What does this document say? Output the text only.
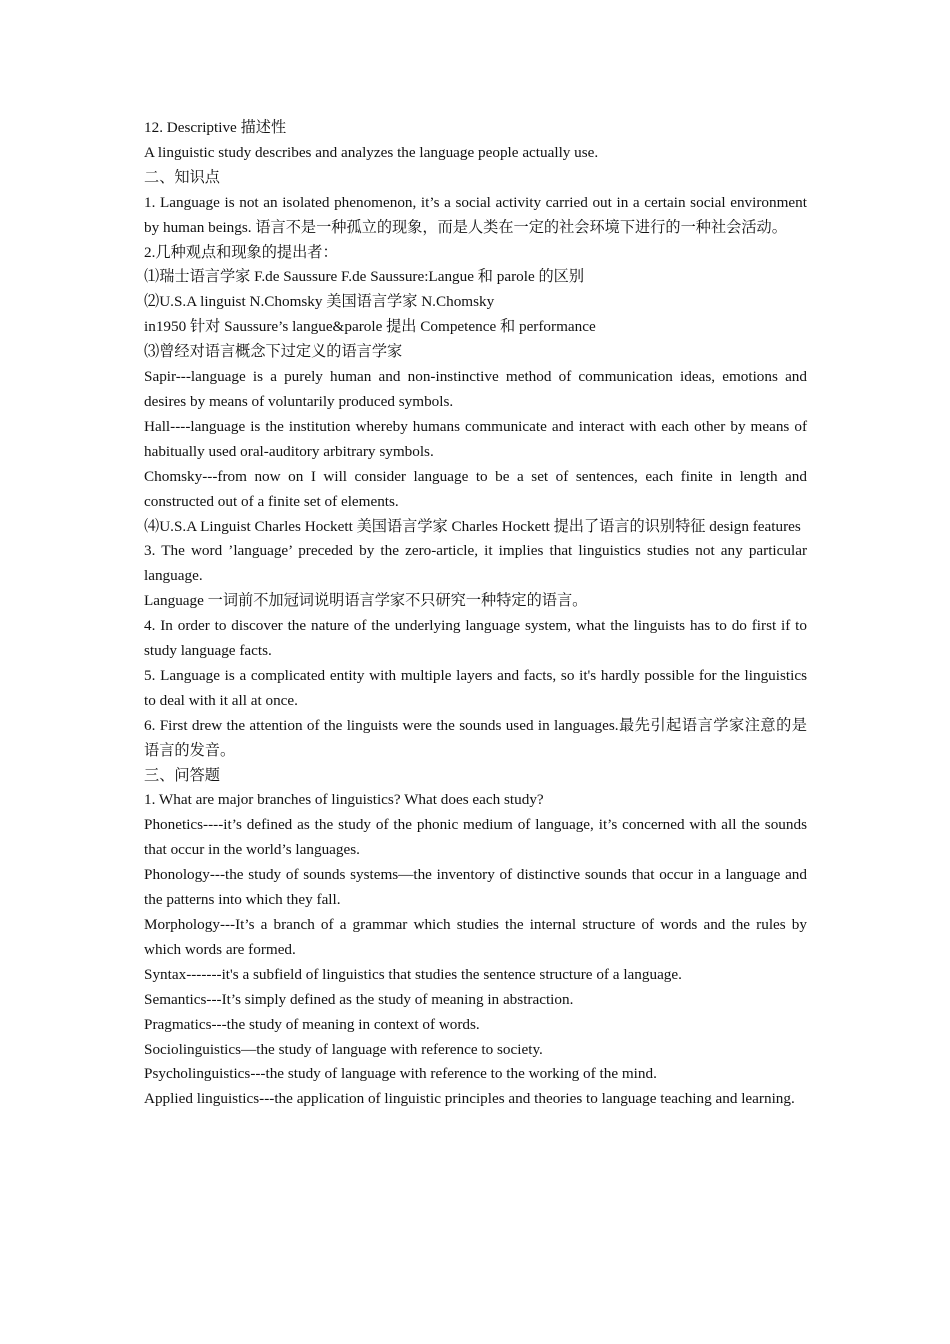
12. Descriptive 描述性

A linguistic study describes and analyzes the language people actually use.

二、知识点

1. Language is not an isolated phenomenon, it’s a social activity carried out in a certain social environment by human beings. 语言不是一种孤立的现象，而是人类在一定的社会环境下进行的一种社会活动。

2.几种观点和现象的提出者：

⑴瑞士语言学家 F.de Saussure F.de Saussure:Langue 和 parole 的区别

⑵U.S.A linguist N.Chomsky 美国语言学家 N.Chomsky

in1950 针对 Saussure’s langue&parole 提出 Competence 和 performance

⑶曾经对语言概念下过定义的语言学家

Sapir---language is a purely human and non-instinctive method of communication ideas, emotions and desires by means of voluntarily produced symbols.

Hall----language is the institution whereby humans communicate and interact with each other by means of habitually used oral-auditory arbitrary symbols.

Chomsky---from now on I will consider language to be a set of sentences, each finite in length and constructed out of a finite set of elements.

⑷U.S.A Linguist Charles Hockett 美国语言学家 Charles Hockett 提出了语言的识别特征 design features

3. The word ’language’ preceded by the zero-article, it implies that linguistics studies not any particular language.

Language 一词前不加冠词说明语言学家不只研究一种特定的语言。

4. In order to discover the nature of the underlying language system, what the linguists has to do first if to study language facts.

5. Language is a complicated entity with multiple layers and facts, so it's hardly possible for the linguistics to deal with it all at once.

6. First drew the attention of the linguists were the sounds used in languages.最先引起语言学家注意的是语言的发音。

三、问答题

1. What are major branches of linguistics? What does each study?

Phonetics----it’s defined as the study of the phonic medium of language, it’s concerned with all the sounds that occur in the world’s languages.

Phonology---the study of sounds systems—the inventory of distinctive sounds that occur in a language and the patterns into which they fall.

Morphology---It’s a branch of a grammar which studies the internal structure of words and the rules by which words are formed.

Syntax-------it's a subfield of linguistics that studies the sentence structure of a language.

Semantics---It’s simply defined as the study of meaning in abstraction.

Pragmatics---the study of meaning in context of words.

Sociolinguistics—the study of language with reference to society.

Psycholinguistics---the study of language with reference to the working of the mind.

Applied linguistics---the application of linguistic principles and theories to language teaching and learning.
